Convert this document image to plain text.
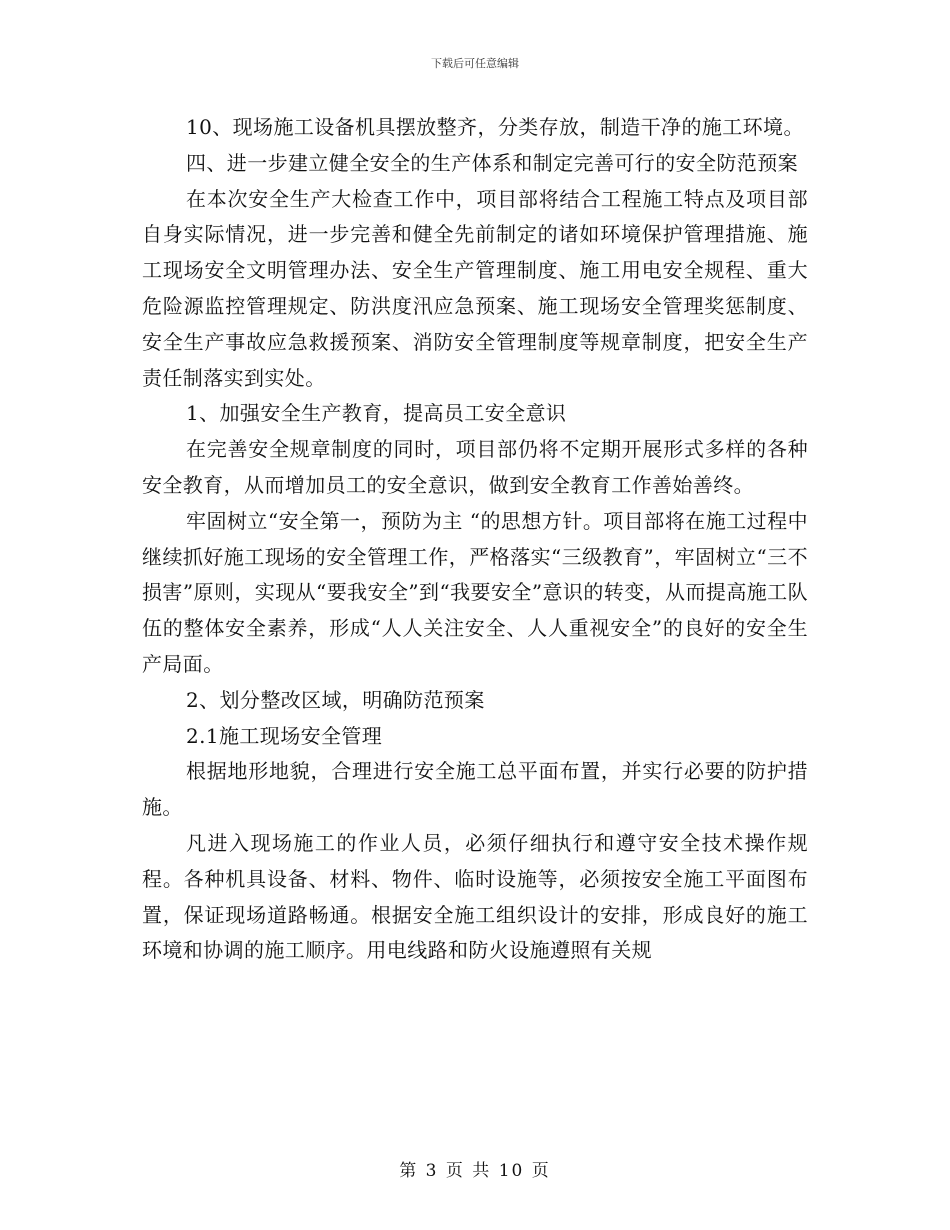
下载后可任意编辑

10、现场施工设备机具摆放整齐，分类存放，制造干净的施工环境。

四、进一步建立健全安全的生产体系和制定完善可行的安全防范预案

在本次安全生产大检查工作中，项目部将结合工程施工特点及项目部自身实际情况，进一步完善和健全先前制定的诸如环境保护管理措施、施工现场安全文明管理办法、安全生产管理制度、施工用电安全规程、重大危险源监控管理规定、防洪度汛应急预案、施工现场安全管理奖惩制度、安全生产事故应急救援预案、消防安全管理制度等规章制度，把安全生产责任制落实到实处。

1、加强安全生产教育，提高员工安全意识

在完善安全规章制度的同时，项目部仍将不定期开展形式多样的各种安全教育，从而增加员工的安全意识，做到安全教育工作善始善终。

牢固树立“安全第一，预防为主 “的思想方针。项目部将在施工过程中继续抓好施工现场的安全管理工作，严格落实“三级教育”，牢固树立“三不损害”原则，实现从“要我安全”到“我要安全”意识的转变，从而提高施工队伍的整体安全素养，形成“人人关注安全、人人重视安全”的良好的安全生产局面。

2、划分整改区域，明确防范预案

2.1施工现场安全管理

根据地形地貌，合理进行安全施工总平面布置，并实行必要的防护措施。

凡进入现场施工的作业人员，必须仔细执行和遵守安全技术操作规程。各种机具设备、材料、物件、临时设施等，必须按安全施工平面图布置，保证现场道路畅通。根据安全施工组织设计的安排，形成良好的施工环境和协调的施工顺序。用电线路和防火设施遵照有关规

第 3 页 共 10 页
